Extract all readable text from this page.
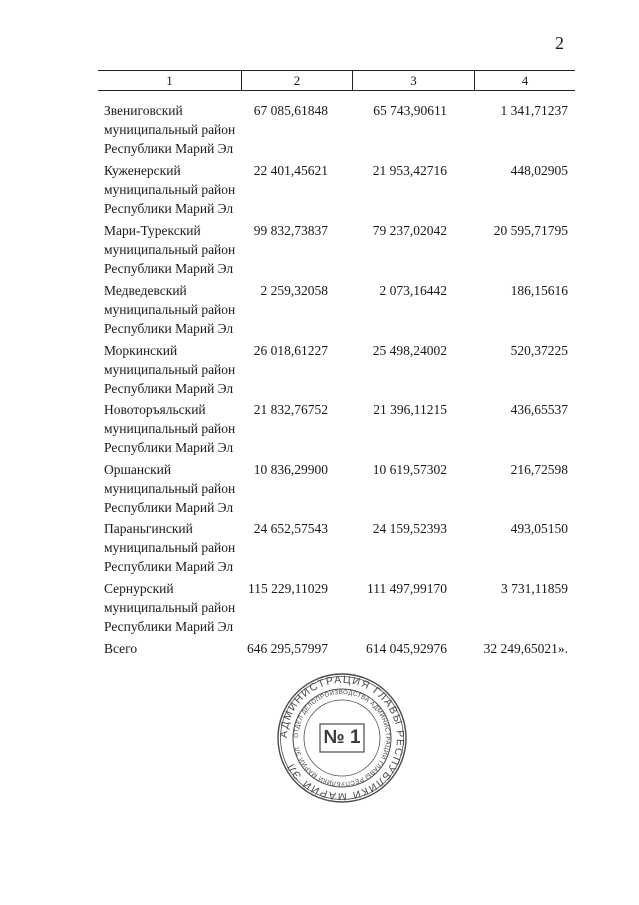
2
1	2	3	4
Звениговский
муниципальный район
Республики Марий Эл
67 085,61848	65 743,90611	1 341,71237
Куженерский
муниципальный район
Республики Марий Эл
22 401,45621	21 953,42716	448,02905
Мари-Турекский
муниципальный район
Республики Марий Эл
99 832,73837	79 237,02042	20 595,71795
Медведевский
муниципальный район
Республики Марий Эл
2 259,32058	2 073,16442	186,15616
Моркинский
муниципальный район
Республики Марий Эл
26 018,61227	25 498,24002	520,37225
Новоторъяльский
муниципальный район
Республики Марий Эл
21 832,76752	21 396,11215	436,65537
Оршанский
муниципальный район
Республики Марий Эл
10 836,29900	10 619,57302	216,72598
Параньгинский
муниципальный район
Республики Марий Эл
24 652,57543	24 159,52393	493,05150
Сернурский
муниципальный район
Республики Марий Эл
115 229,11029	111 497,99170	3 731,11859
Всего	646 295,57997	614 045,92976	32 249,65021».
АДМИНИСТРАЦИЯ ГЛАВЫ РЕСПУБЛИКИ МАРИЙ ЭЛ
ОТДЕЛ ДЕЛОПРОИЗВОДСТВА АДМИНИСТРАЦИИ ГЛАВЫ РЕСПУБЛИКИ МАРИЙ ЭЛ
№ 1
